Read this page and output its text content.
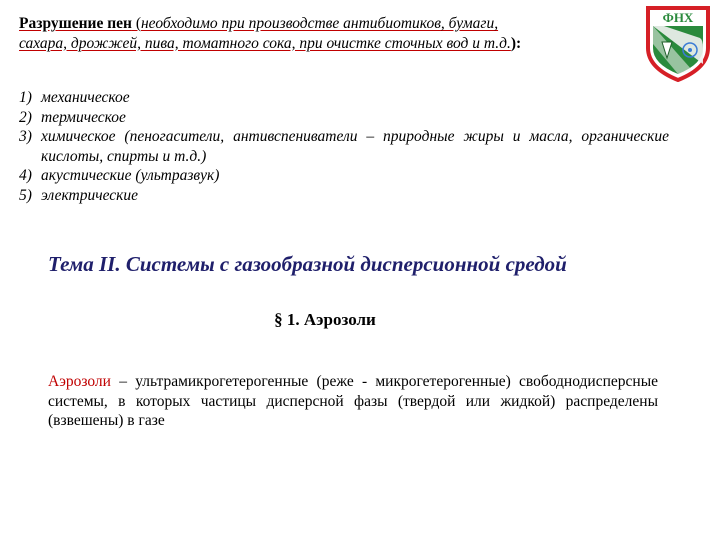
Разрушение пен (необходимо при производстве антибиотиков, бумаги, сахара, дрожжей, пива, томатного сока, при очистке сточных вод и т.д.):
1) механическое
2) термическое
3) химическое (пеногасители, антивспениватели – природные жиры и масла, органические кислоты, спирты и т.д.)
4) акустические (ультразвук)
5) электрические
ФНХ
Тема II. Системы с газообразной дисперсионной средой
§ 1. Аэрозоли
Аэрозоли – ультрамикрогетерогенные (реже - микрогетерогенные) свободнодисперсные системы, в которых частицы дисперсной фазы (твердой или жидкой) распределены (взвешены) в газе
